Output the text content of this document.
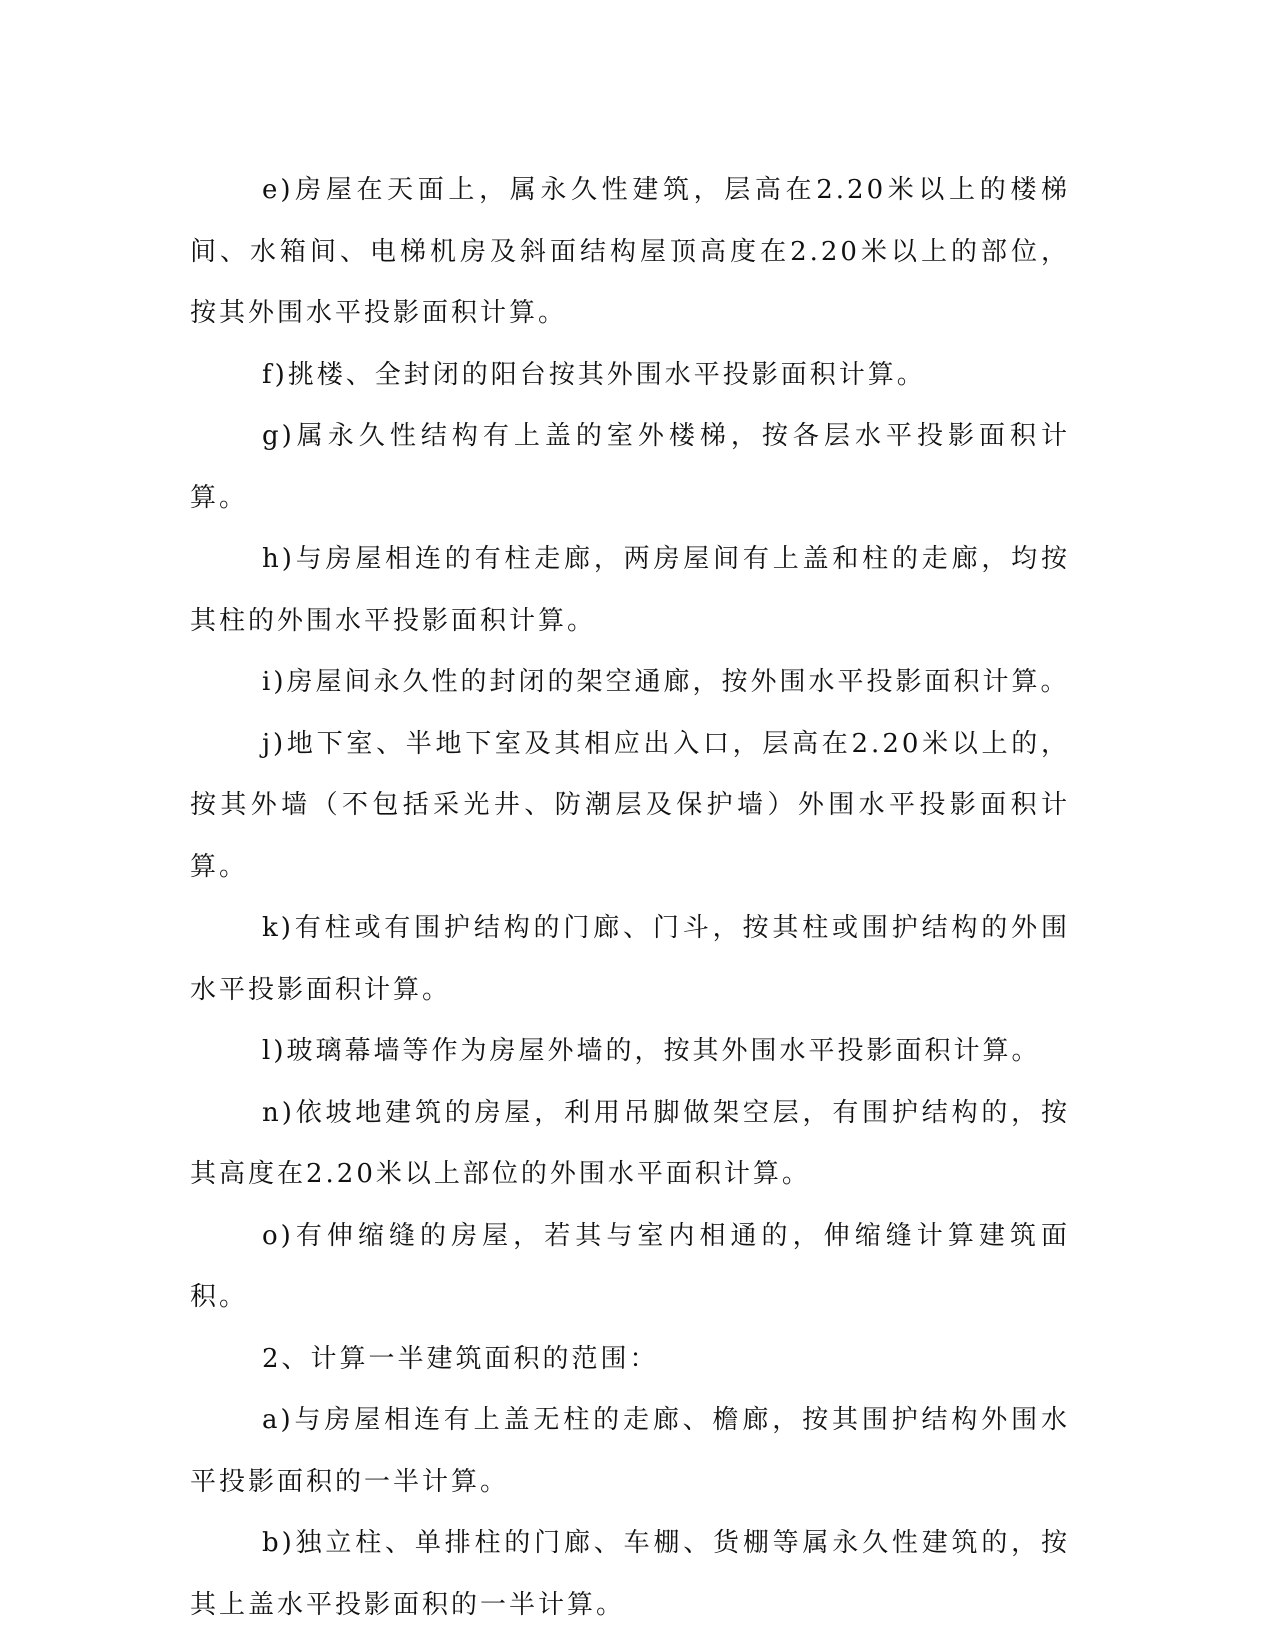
e)房屋在天面上，属永久性建筑，层高在2.20米以上的楼梯间、水箱间、电梯机房及斜面结构屋顶高度在2.20米以上的部位，按其外围水平投影面积计算。

f)挑楼、全封闭的阳台按其外围水平投影面积计算。

g)属永久性结构有上盖的室外楼梯，按各层水平投影面积计算。

h)与房屋相连的有柱走廊，两房屋间有上盖和柱的走廊，均按其柱的外围水平投影面积计算。

i)房屋间永久性的封闭的架空通廊，按外围水平投影面积计算。

j)地下室、半地下室及其相应出入口，层高在2.20米以上的，按其外墙（不包括采光井、防潮层及保护墙）外围水平投影面积计算。

k)有柱或有围护结构的门廊、门斗，按其柱或围护结构的外围水平投影面积计算。

l)玻璃幕墙等作为房屋外墙的，按其外围水平投影面积计算。

n)依坡地建筑的房屋，利用吊脚做架空层，有围护结构的，按其高度在2.20米以上部位的外围水平面积计算。

o)有伸缩缝的房屋，若其与室内相通的，伸缩缝计算建筑面积。

2、计算一半建筑面积的范围：

a)与房屋相连有上盖无柱的走廊、檐廊，按其围护结构外围水平投影面积的一半计算。

b)独立柱、单排柱的门廊、车棚、货棚等属永久性建筑的，按其上盖水平投影面积的一半计算。
